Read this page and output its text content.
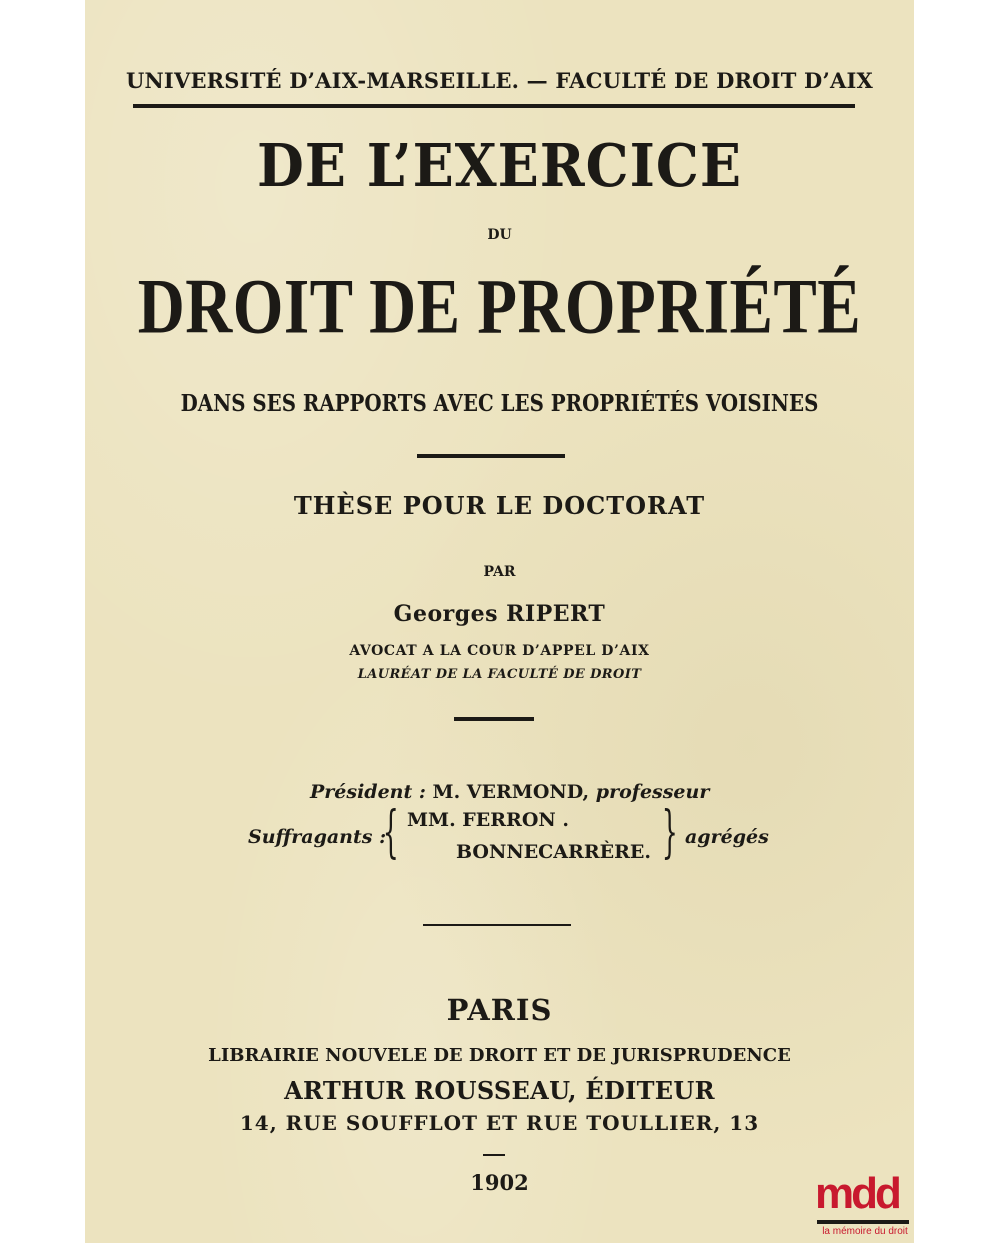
UNIVERSITÉ D’AIX-MARSEILLE. — FACULTÉ DE DROIT D’AIX
DE L’EXERCICE
DU
DROIT DE PROPRIÉTÉ
DANS SES RAPPORTS AVEC LES PROPRIÉTÉS VOISINES
THÈSE POUR LE DOCTORAT
PAR
Georges RIPERT
AVOCAT A LA COUR D’APPEL D’AIX
LAURÉAT DE LA FACULTÉ DE DROIT
Président : M. VERMOND, professeur
Suffragants :
{ MM. FERRON .
BONNECARRÈRE. } agrégés
PARIS
LIBRAIRIE NOUVELE DE DROIT ET DE JURISPRUDENCE
ARTHUR ROUSSEAU, ÉDITEUR
14, RUE SOUFFLOT ET RUE TOULLIER, 13
1902	mdd
la mémoire du droit
